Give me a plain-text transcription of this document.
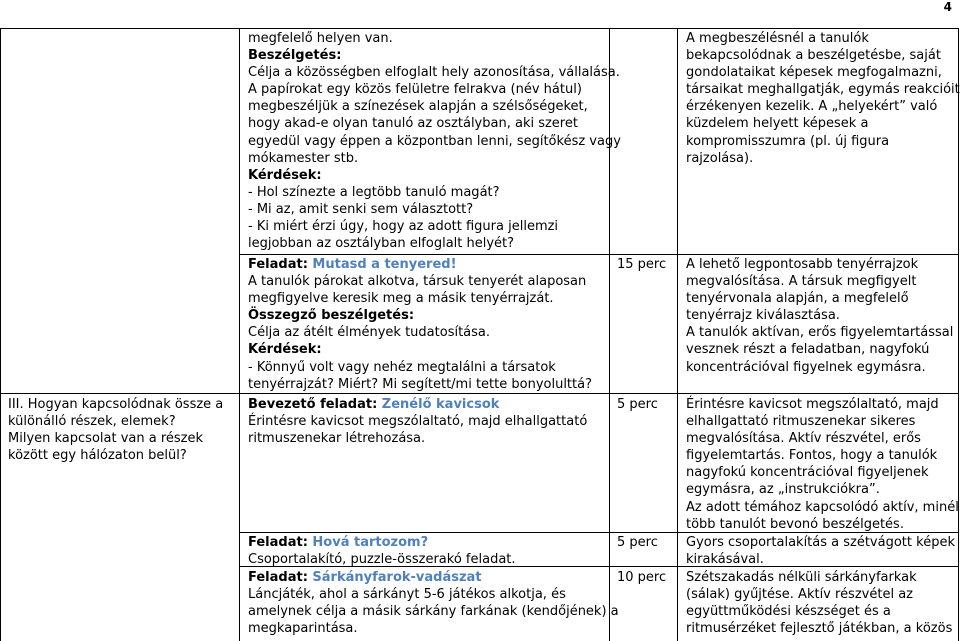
4
megfelelő helyen van.
Beszélgetés:
Célja a közösségben elfoglalt hely azonosítása, vállalása.
A papírokat egy közös felületre felrakva (név hátul)
megbeszéljük a színezések alapján a szélsőségeket,
hogy akad-e olyan tanuló az osztályban, aki szeret
egyedül vagy éppen a központban lenni, segítőkész vagy
mókamester stb.
Kérdések:
- Hol színezte a legtöbb tanuló magát?
- Mi az, amit senki sem választott?
- Ki miért érzi úgy, hogy az adott figura jellemzi
legjobban az osztályban elfoglalt helyét?
A megbeszélésnél a tanulók
bekapcsolódnak a beszélgetésbe, saját
gondolataikat képesek megfogalmazni,
társaikat meghallgatják, egymás reakcióit
érzékenyen kezelik. A „helyekért” való
küzdelem helyett képesek a
kompromisszumra (pl. új figura
rajzolása).
Feladat: Mutasd a tenyered!
A tanulók párokat alkotva, társuk tenyerét alaposan
megfigyelve keresik meg a másik tenyérrajzát.
Összegző beszélgetés:
Célja az átélt élmények tudatosítása.
Kérdések:
- Könnyű volt vagy nehéz megtalálni a társatok
tenyérrajzát? Miért? Mi segített/mi tette bonyolulttá?
15 perc A lehető legpontosabb tenyérrajzok
megvalósítása. A társuk megfigyelt
tenyérvonala alapján, a megfelelő
tenyérrajz kiválasztása.
A tanulók aktívan, erős figyelemtartással
vesznek részt a feladatban, nagyfokú
koncentrációval figyelnek egymásra.
III. Hogyan kapcsolódnak össze a
különálló részek, elemek?
Milyen kapcsolat van a részek
között egy hálózaton belül?
Bevezető feladat: Zenélő kavicsok
Érintésre kavicsot megszólaltató, majd elhallgattató
ritmuszenekar létrehozása.
5 perc Érintésre kavicsot megszólaltató, majd
elhallgattató ritmuszenekar sikeres
megvalósítása. Aktív részvétel, erős
figyelemtartás. Fontos, hogy a tanulók
nagyfokú koncentrációval figyeljenek
egymásra, az „instrukciókra”.
Az adott témához kapcsolódó aktív, minél
több tanulót bevonó beszélgetés.
Feladat: Hová tartozom?
Csoportalakító, puzzle-összerakó feladat.
5 perc Gyors csoportalakítás a szétvágott képek
kirakásával.
Feladat: Sárkányfarok-vadászat
Láncjáték, ahol a sárkányt 5-6 játékos alkotja, és
amelynek célja a másik sárkány farkának (kendőjének) a
megkaparintása.
10 perc Szétszakadás nélküli sárkányfarkak
(sálak) gyűjtése. Aktív részvétel az
együttműködési készséget és a
ritmusérzéket fejlesztő játékban, a közös
